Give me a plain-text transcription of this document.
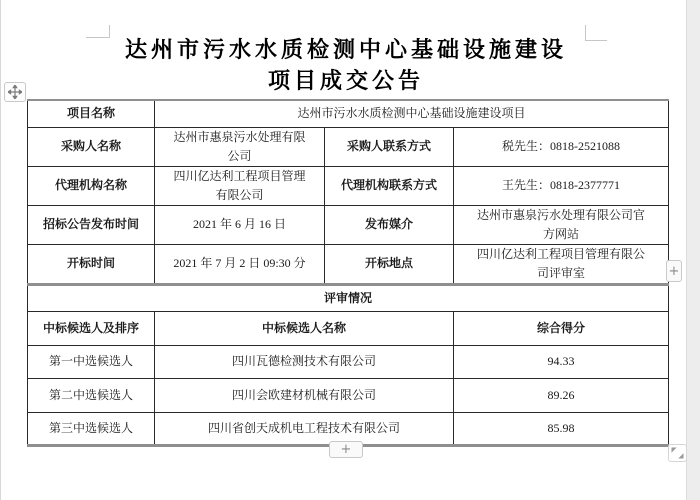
达州市污水水质检测中心基础设施建设
项目成交公告
项目名称	达州市污水水质检测中心基础设施建设项目		
采购人名称	达州市惠泉污水处理有限公司	采购人联系方式	税先生：0818-2521088
代理机构名称	四川亿达利工程项目管理有限公司	代理机构联系方式	王先生：0818-2377771
招标公告发布时间	2021 年 6 月 16 日	发布媒介	达州市惠泉污水处理有限公司官方网站
开标时间	2021 年 7 月 2 日 09:30 分	开标地点	四川亿达利工程项目管理有限公司评审室
评审情况			
中标候选人及排序	中标候选人名称		综合得分
第一中选候选人	四川瓦德检测技术有限公司		94.33
第二中选候选人	四川会欧建材机械有限公司		89.26
第三中选候选人	四川省创天成机电工程技术有限公司		85.98
+
+
